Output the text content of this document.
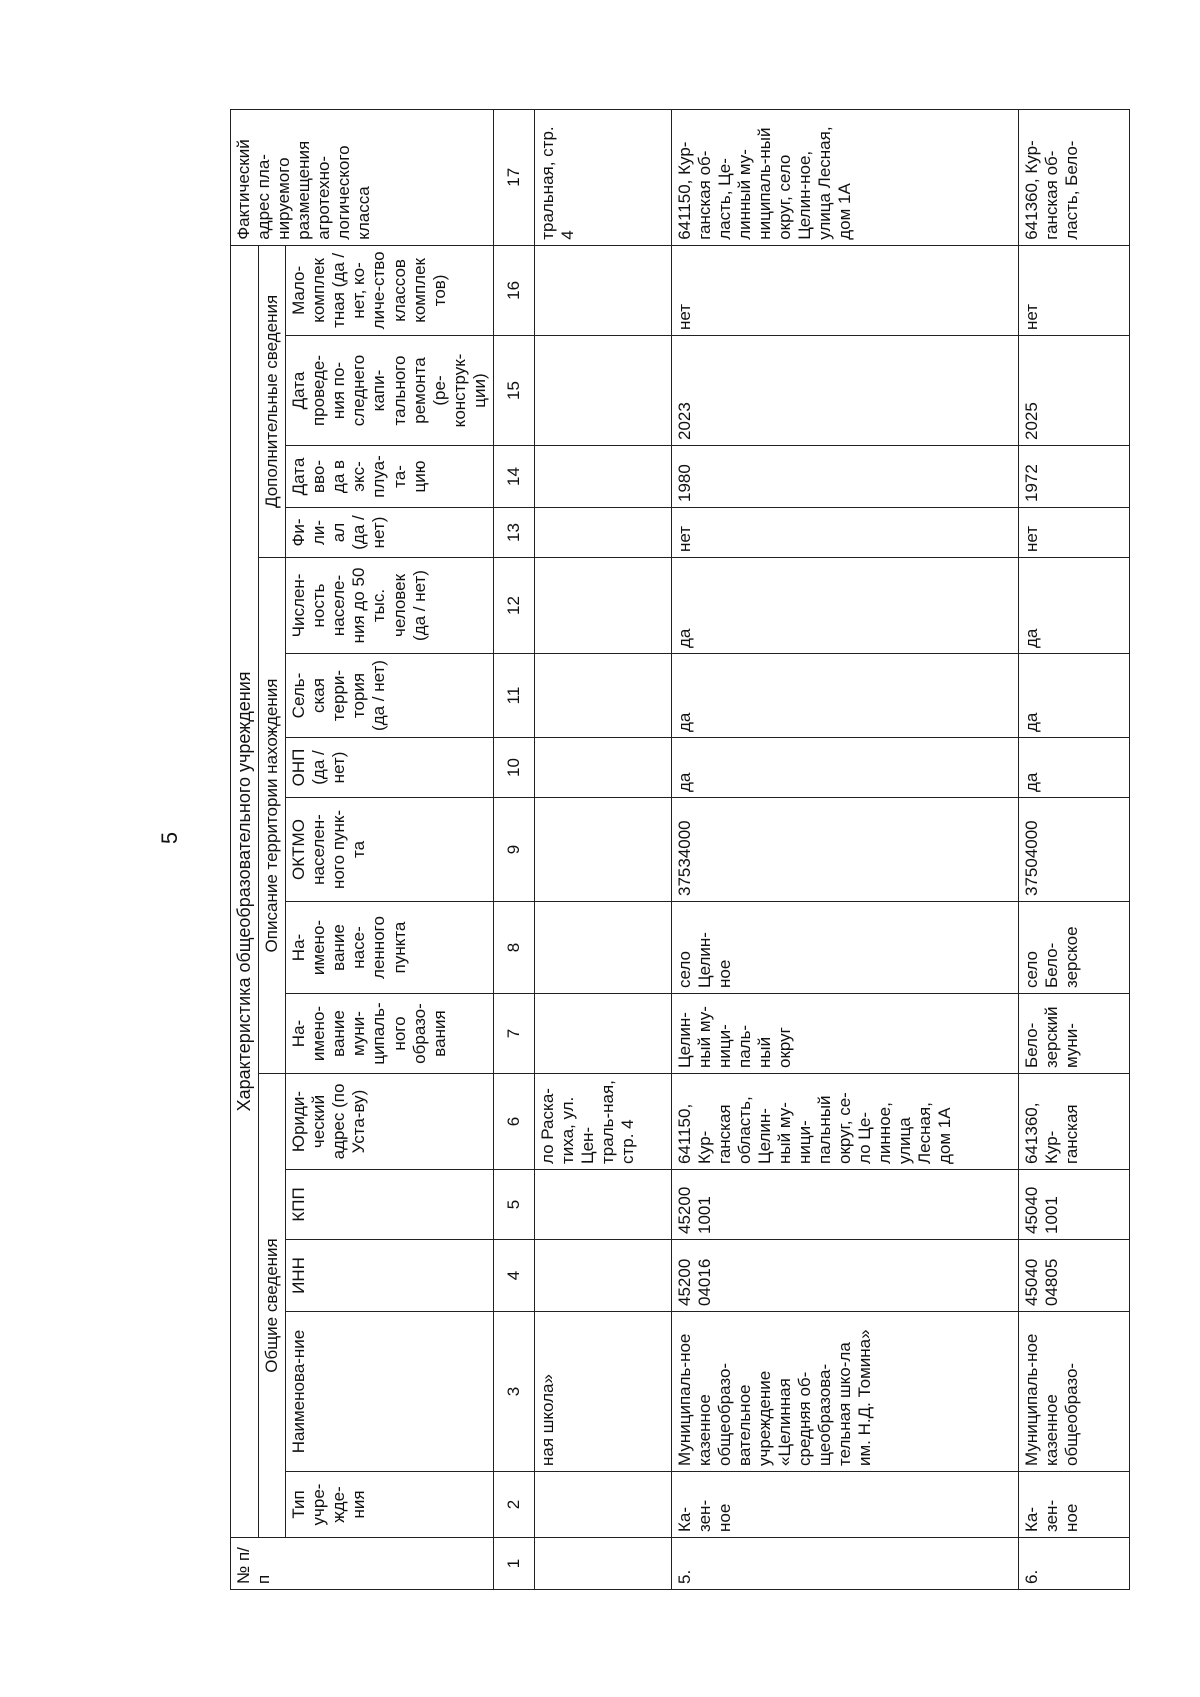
5
№ п/п	Характеристика общеобразовательного учреждения															Фактический адрес пла-нируемого размещения агротехно-логического класса
	Общие сведения					Описание территории нахождения						Дополнительные сведения				
	Тип учре-жде-ния	Наименова-ние	ИНН	КПП	Юриди-ческий адрес (по Уста-ву)	На-имено-вание муни-ципаль-ного образо-вания	На-имено-вание насе-ленного пункта	ОКТМО населен-ного пунк-та	ОНП (да / нет)	Сель-ская терри-тория (да / нет)	Числен-ность населе-ния до 50 тыс. человек (да / нет)	Фи-ли-ал (да / нет)	Дата вво-да в экс-плуа-та-цию	Дата проведе-ния по-следнего капи-тального ремонта (ре-конструк-ции)	Мало-комплек тная (да / нет, ко-личе-ство классов комплек тов)	
1	2	3	4	5	6	7	8	9	10	11	12	13	14	15	16	17
		ная школа»			ло Раска-тиха, ул. Цен-траль-ная, стр. 4											тральная, стр. 4
5.	Ка-зен-ное	Муниципаль-ное казенное общеобразо-вательное учреждение «Целинная средняя об-щеобразова-тельная шко-ла им. Н.Д. Томина»	45200 04016	45200 1001	641150, Кур-ганская область, Целин-ный му-ници-пальный округ, се-ло Це-линное, улица Лесная, дом 1А	Целин-ный му-ници-паль-ный округ	село Целин-ное	37534000	да	да	да	нет	1980	2023	нет	641150, Кур-ганская об-ласть, Це-линный му-ниципаль-ный округ, село Целин-ное, улица Лесная, дом 1А
6.	Ка-зен-ное	Муниципаль-ное казенное общеобразо-	45040 04805	45040 1001	641360, Кур-ганская	Бело-зерский муни-	село Бело-зерское	37504000	да	да	да	нет	1972	2025	нет	641360, Кур-ганская об-ласть, Бело-
